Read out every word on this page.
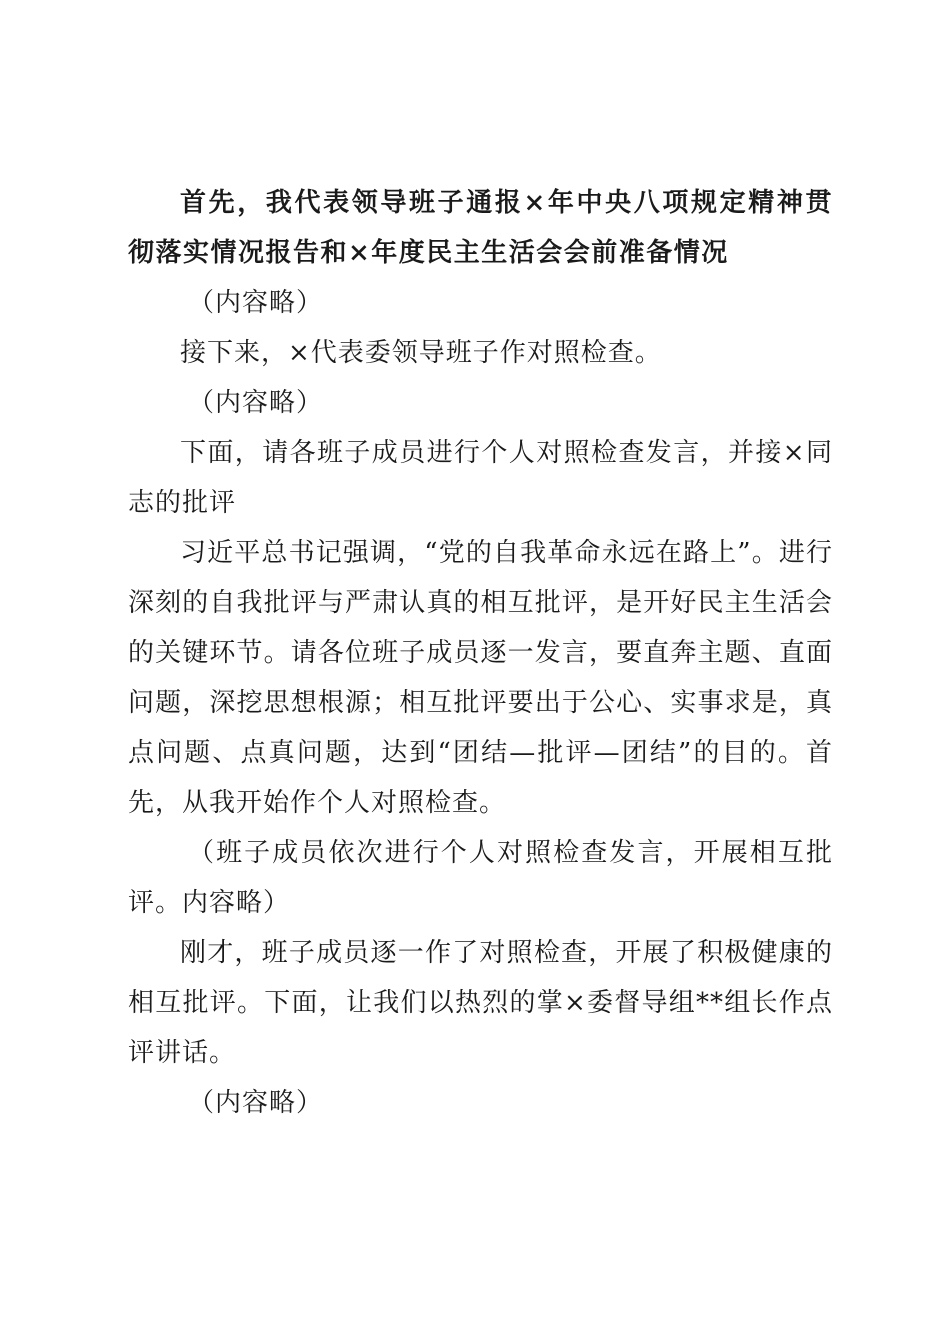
首先，我代表领导班子通报×年中央八项规定精神贯彻落实情况报告和×年度民主生活会会前准备情况

（内容略）

接下来，×代表委领导班子作对照检查。

（内容略）

下面，请各班子成员进行个人对照检查发言，并接×同志的批评

习近平总书记强调，“党的自我革命永远在路上”。进行深刻的自我批评与严肃认真的相互批评，是开好民主生活会的关键环节。请各位班子成员逐一发言，要直奔主题、直面问题，深挖思想根源；相互批评要出于公心、实事求是，真点问题、点真问题，达到“团结—批评—团结”的目的。首先，从我开始作个人对照检查。

（班子成员依次进行个人对照检查发言，开展相互批评。内容略）

刚才，班子成员逐一作了对照检查，开展了积极健康的相互批评。下面，让我们以热烈的掌×委督导组**组长作点评讲话。

（内容略）
